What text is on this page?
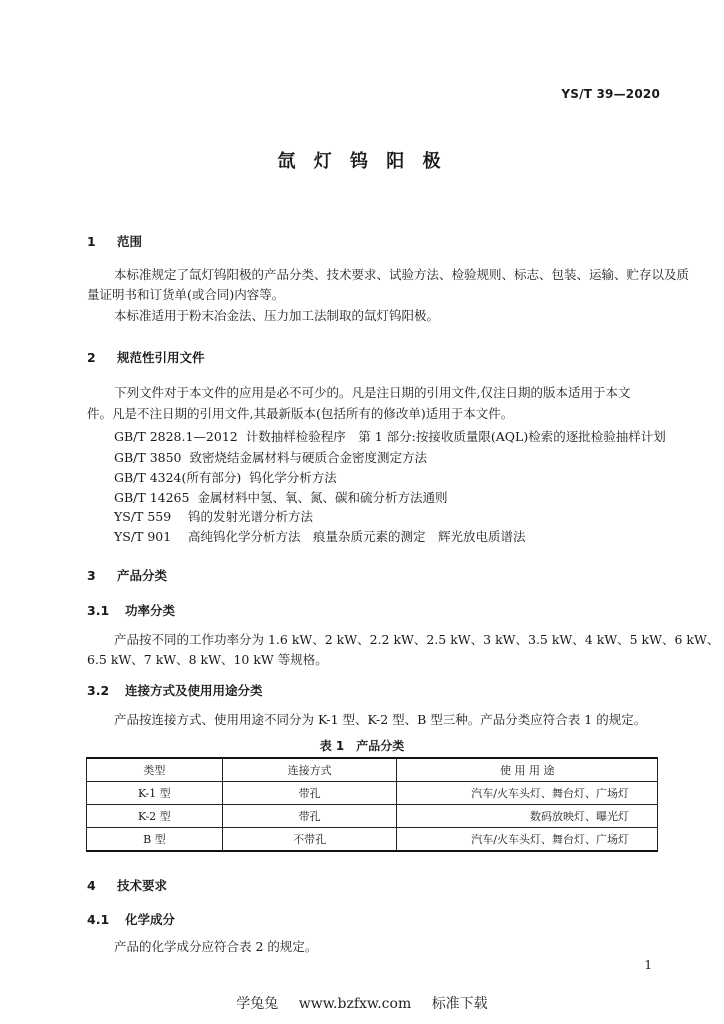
YS/T 39—2020
氙 灯 钨 阳 极
1 范围
本标准规定了氙灯钨阳极的产品分类、技术要求、试验方法、检验规则、标志、包装、运输、贮存以及质
量证明书和订货单(或合同)内容等。
本标准适用于粉末冶金法、压力加工法制取的氙灯钨阳极。
2 规范性引用文件
下列文件对于本文件的应用是必不可少的。凡是注日期的引用文件,仅注日期的版本适用于本文
件。凡是不注日期的引用文件,其最新版本(包括所有的修改单)适用于本文件。
GB/T 2828.1—2012 计数抽样检验程序　第 1 部分:按接收质量限(AQL)检索的逐批检验抽样计划
GB/T 3850 致密烧结金属材料与硬质合金密度测定方法
GB/T 4324(所有部分) 钨化学分析方法
GB/T 14265 金属材料中氢、氧、氮、碳和硫分析方法通则
YS/T 559 钨的发射光谱分析方法
YS/T 901 高纯钨化学分析方法　痕量杂质元素的测定　辉光放电质谱法
3 产品分类
3.1 功率分类
产品按不同的工作功率分为 1.6 kW、2 kW、2.2 kW、2.5 kW、3 kW、3.5 kW、4 kW、5 kW、6 kW、
6.5 kW、7 kW、8 kW、10 kW 等规格。
3.2 连接方式及使用用途分类
产品按连接方式、使用用途不同分为 K-1 型、K-2 型、B 型三种。产品分类应符合表 1 的规定。
表 1　产品分类
类型	连接方式	使 用 用 途
K-1 型	带孔	汽车/火车头灯、舞台灯、广场灯
K-2 型	带孔	数码放映灯、曝光灯
B 型	不带孔	汽车/火车头灯、舞台灯、广场灯
4 技术要求
4.1 化学成分
产品的化学成分应符合表 2 的规定。
1
学兔兔 www.bzfxw.com 标准下载
